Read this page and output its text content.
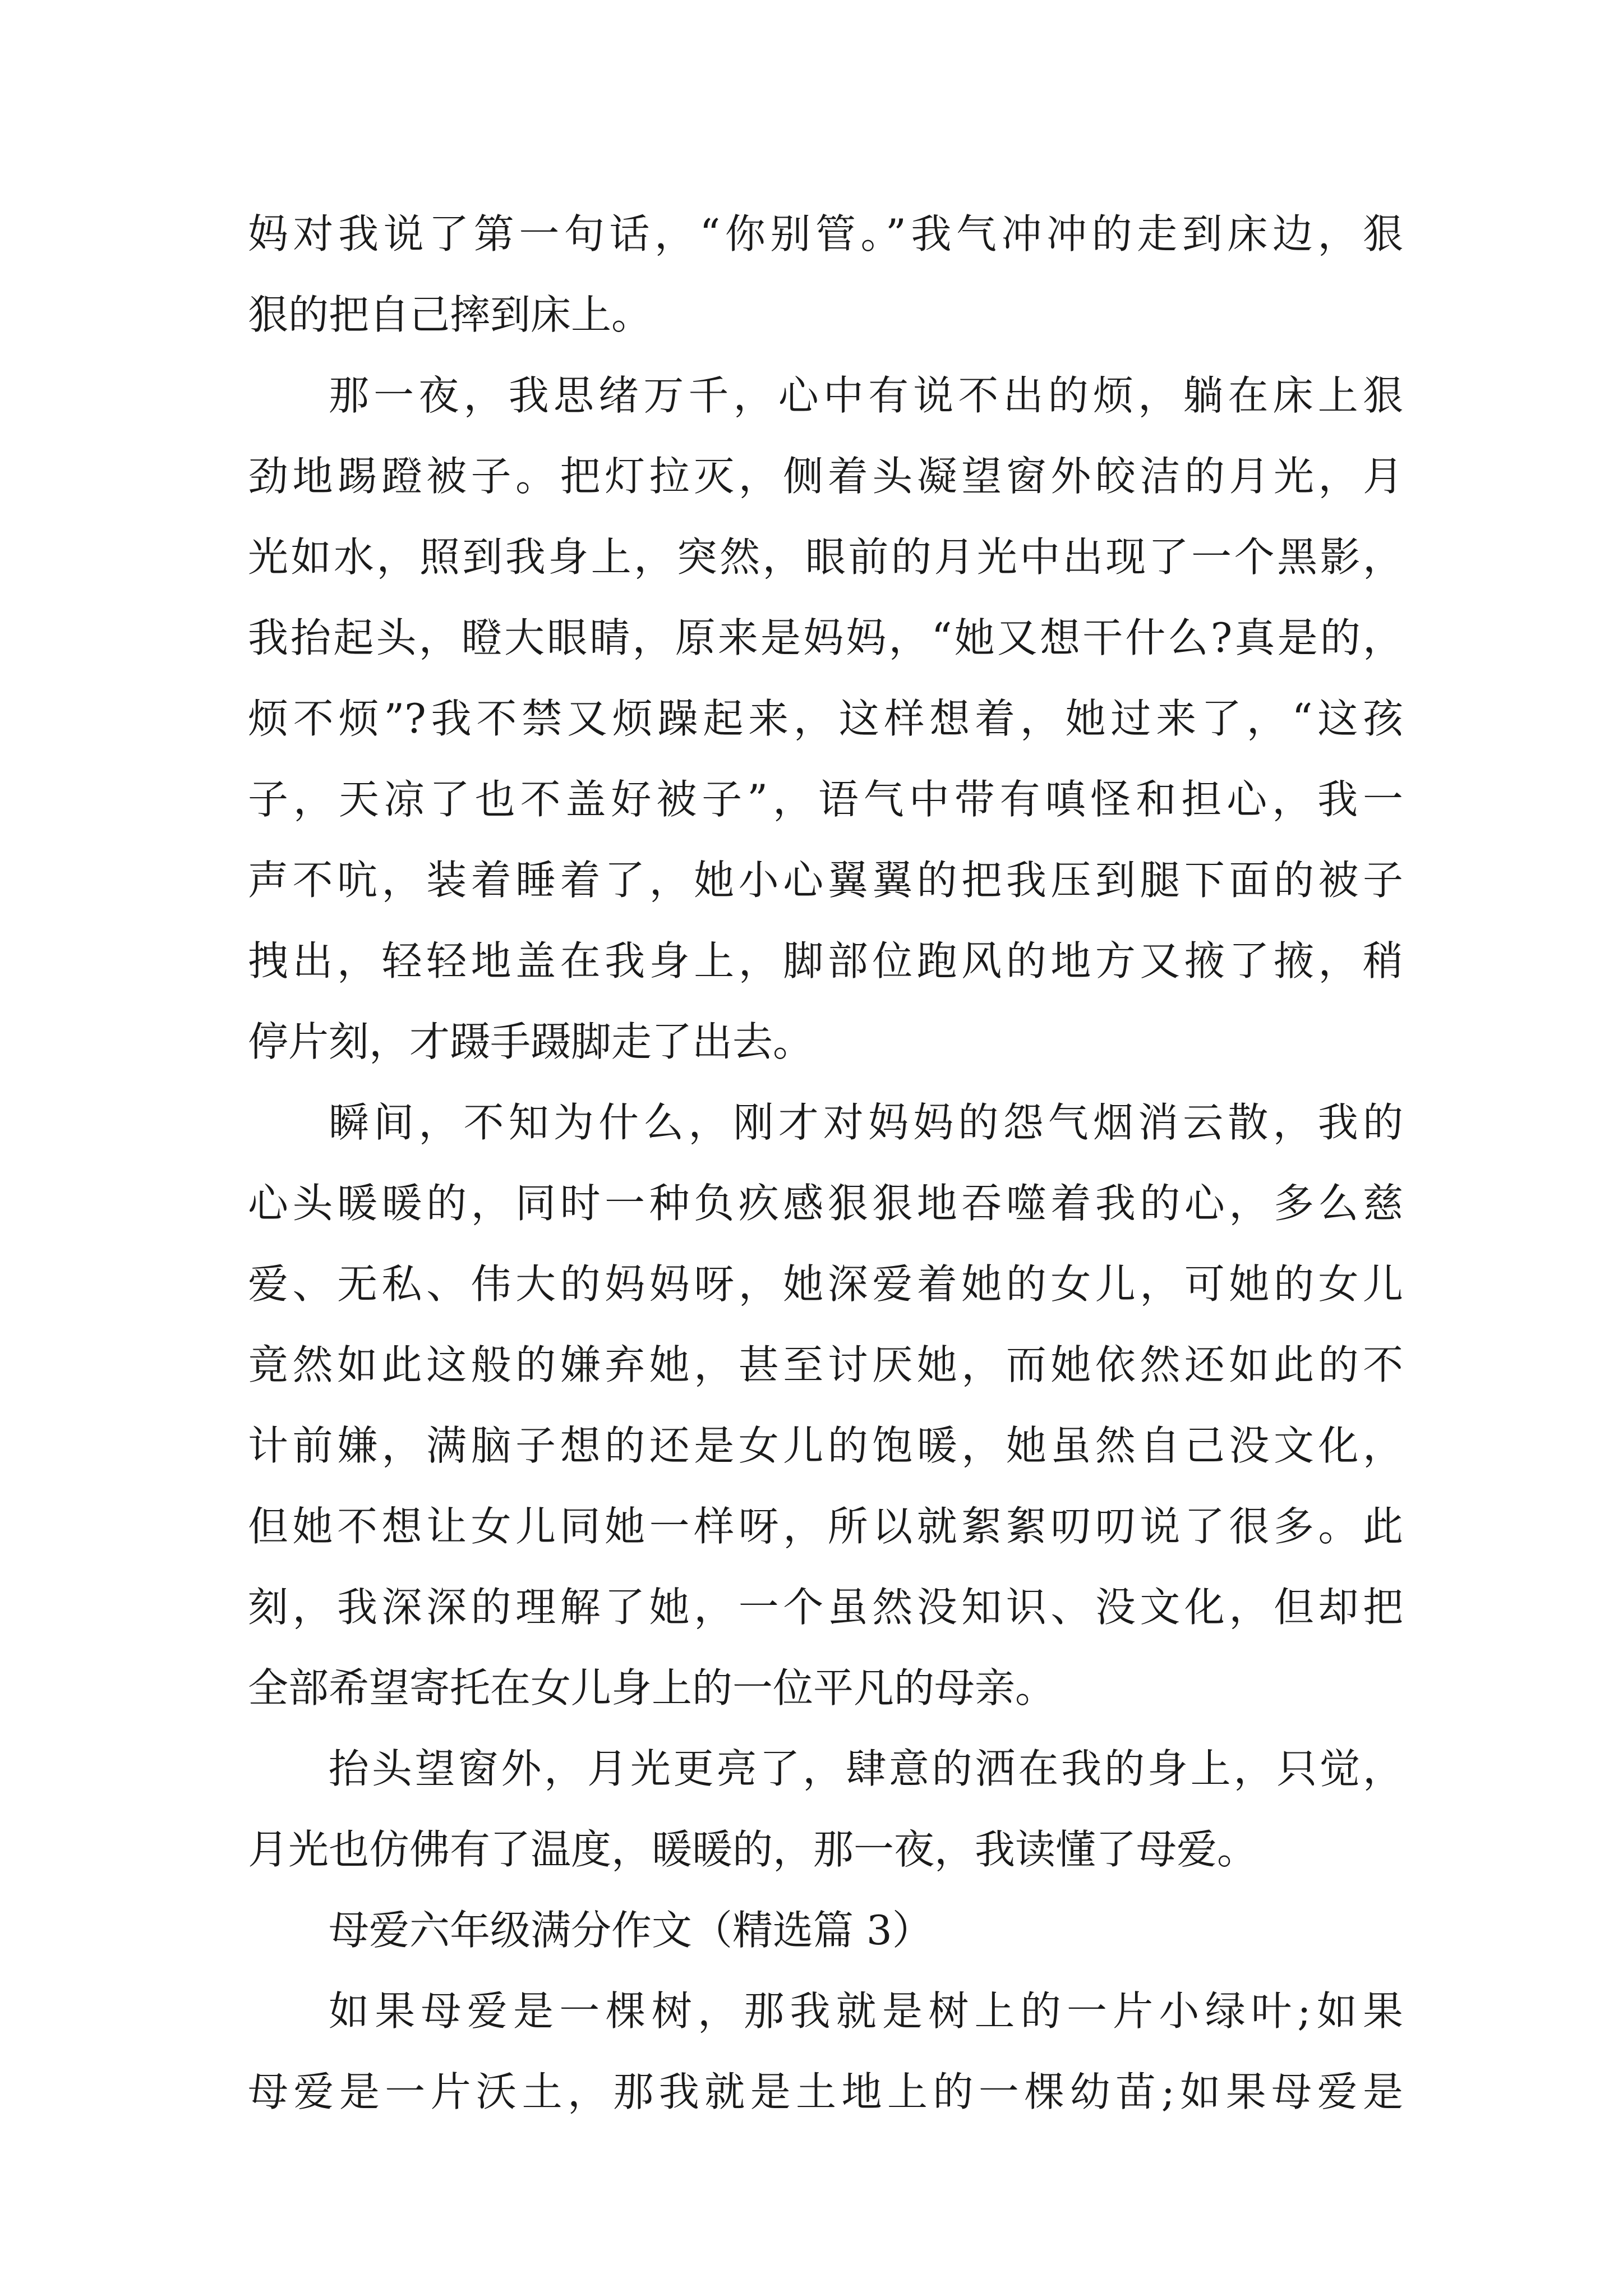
妈对我说了第一句话，“你别管。”我气冲冲的走到床边，狠
狠的把自己摔到床上。
那一夜，我思绪万千，心中有说不出的烦，躺在床上狠
劲地踢蹬被子。把灯拉灭，侧着头凝望窗外皎洁的月光，月
光如水，照到我身上，突然，眼前的月光中出现了一个黑影，
我抬起头，瞪大眼睛，原来是妈妈，“她又想干什么?真是的，
烦不烦”?我不禁又烦躁起来，这样想着，她过来了，“这孩
子，天凉了也不盖好被子”，语气中带有嗔怪和担心，我一
声不吭，装着睡着了，她小心翼翼的把我压到腿下面的被子
拽出，轻轻地盖在我身上，脚部位跑风的地方又掖了掖，稍
停片刻，才蹑手蹑脚走了出去。
瞬间，不知为什么，刚才对妈妈的怨气烟消云散，我的
心头暖暖的，同时一种负疚感狠狠地吞噬着我的心，多么慈
爱、无私、伟大的妈妈呀，她深爱着她的女儿，可她的女儿
竟然如此这般的嫌弃她，甚至讨厌她，而她依然还如此的不
计前嫌，满脑子想的还是女儿的饱暖，她虽然自己没文化，
但她不想让女儿同她一样呀，所以就絮絮叨叨说了很多。此
刻，我深深的理解了她，一个虽然没知识、没文化，但却把
全部希望寄托在女儿身上的一位平凡的母亲。
抬头望窗外，月光更亮了，肆意的洒在我的身上，只觉，
月光也仿佛有了温度，暖暖的，那一夜，我读懂了母爱。
母爱六年级满分作文（精选篇 3）
如果母爱是一棵树，那我就是树上的一片小绿叶;如果
母爱是一片沃土，那我就是土地上的一棵幼苗;如果母爱是
